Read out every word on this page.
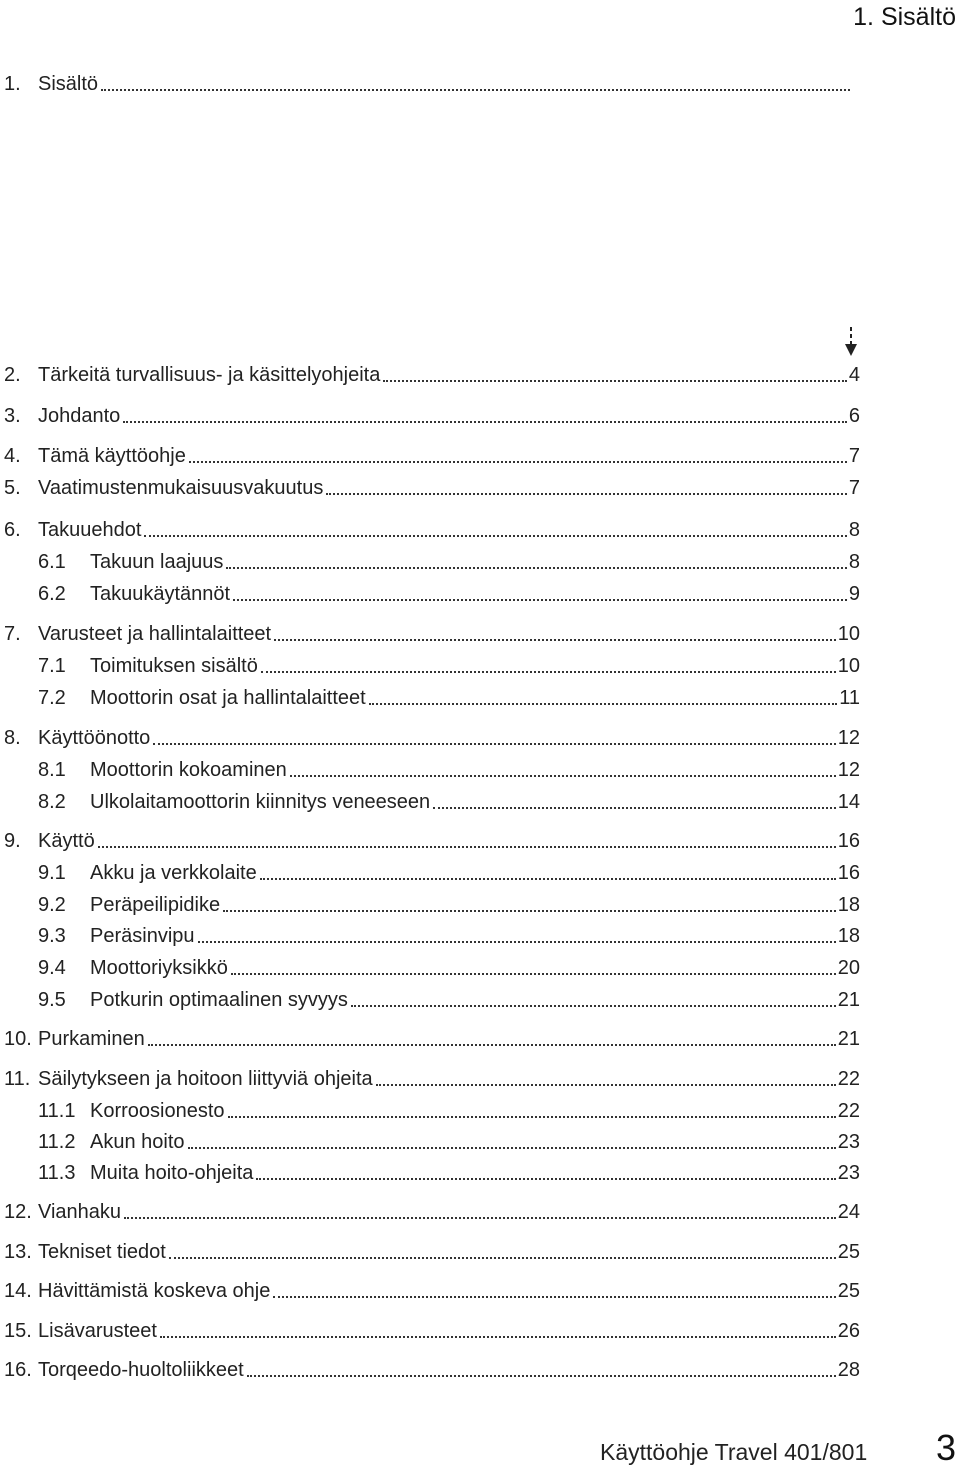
1. Sisältö
1. Sisältö
2. Tärkeitä turvallisuus- ja käsittelyohjeita	4
3. Johdanto	6
4. Tämä käyttöohje	7
5. Vaatimustenmukaisuusvakuutus	7
6. Takuuehdot	8
6.1	Takuun laajuus	8
6.2	Takuukäytännöt	9
7. Varusteet ja hallintalaitteet	10
7.1	Toimituksen sisältö	10
7.2	Moottorin osat ja hallintalaitteet	11
8. Käyttöönotto	12
8.1	Moottorin kokoaminen	12
8.2	Ulkolaitamoottorin kiinnitys veneeseen	14
9. Käyttö	16
9.1	Akku ja verkkolaite	16
9.2	Peräpeilipidike	18
9.3	Peräsinvipu	18
9.4	Moottoriyksikkö	20
9.5	Potkurin optimaalinen syvyys	21
10. Purkaminen	21
11. Säilytykseen ja hoitoon liittyviä ohjeita	22
11.1 Korroosionesto	22
11.2 Akun hoito	23
11.3 Muita hoito-ohjeita	23
12. Vianhaku	24
13. Tekniset tiedot	25
14. Hävittämistä koskeva ohje	25
15. Lisävarusteet	26
16. Torqeedo-huoltoliikkeet	28
Käyttöohje Travel 401/801 3
